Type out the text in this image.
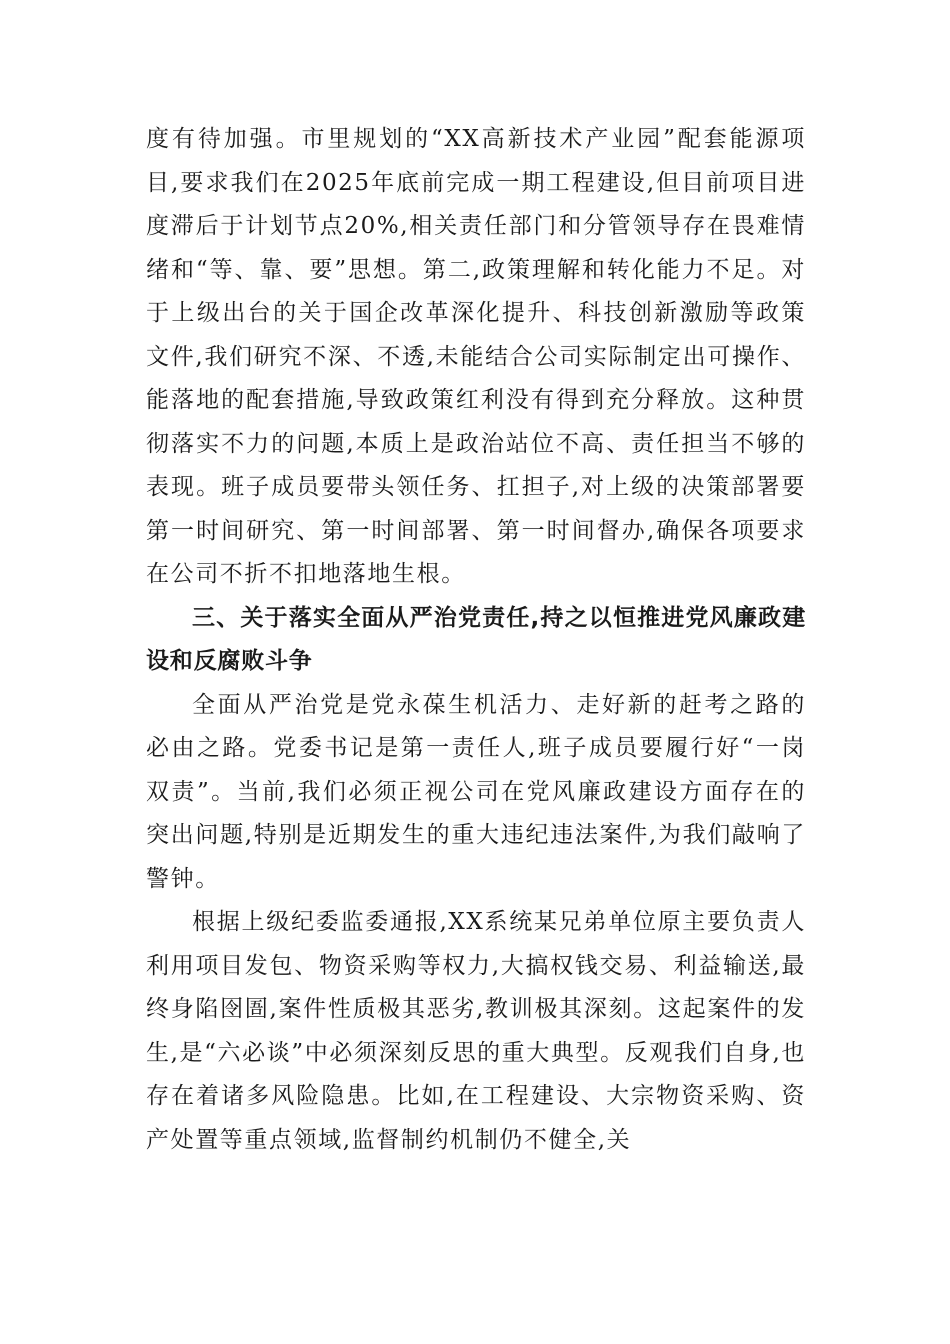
度有待加强。市里规划的“XX高新技术产业园”配套能源项目,要求我们在2025年底前完成一期工程建设,但目前项目进度滞后于计划节点20%,相关责任部门和分管领导存在畏难情绪和“等、靠、要”思想。第二,政策理解和转化能力不足。对于上级出台的关于国企改革深化提升、科技创新激励等政策文件,我们研究不深、不透,未能结合公司实际制定出可操作、能落地的配套措施,导致政策红利没有得到充分释放。这种贯彻落实不力的问题,本质上是政治站位不高、责任担当不够的表现。班子成员要带头领任务、扛担子,对上级的决策部署要第一时间研究、第一时间部署、第一时间督办,确保各项要求在公司不折不扣地落地生根。

三、关于落实全面从严治党责任,持之以恒推进党风廉政建设和反腐败斗争

全面从严治党是党永葆生机活力、走好新的赶考之路的必由之路。党委书记是第一责任人,班子成员要履行好“一岗双责”。当前,我们必须正视公司在党风廉政建设方面存在的突出问题,特别是近期发生的重大违纪违法案件,为我们敲响了警钟。

根据上级纪委监委通报,XX系统某兄弟单位原主要负责人利用项目发包、物资采购等权力,大搞权钱交易、利益输送,最终身陷囹圄,案件性质极其恶劣,教训极其深刻。这起案件的发生,是“六必谈”中必须深刻反思的重大典型。反观我们自身,也存在着诸多风险隐患。比如,在工程建设、大宗物资采购、资产处置等重点领域,监督制约机制仍不健全,关
